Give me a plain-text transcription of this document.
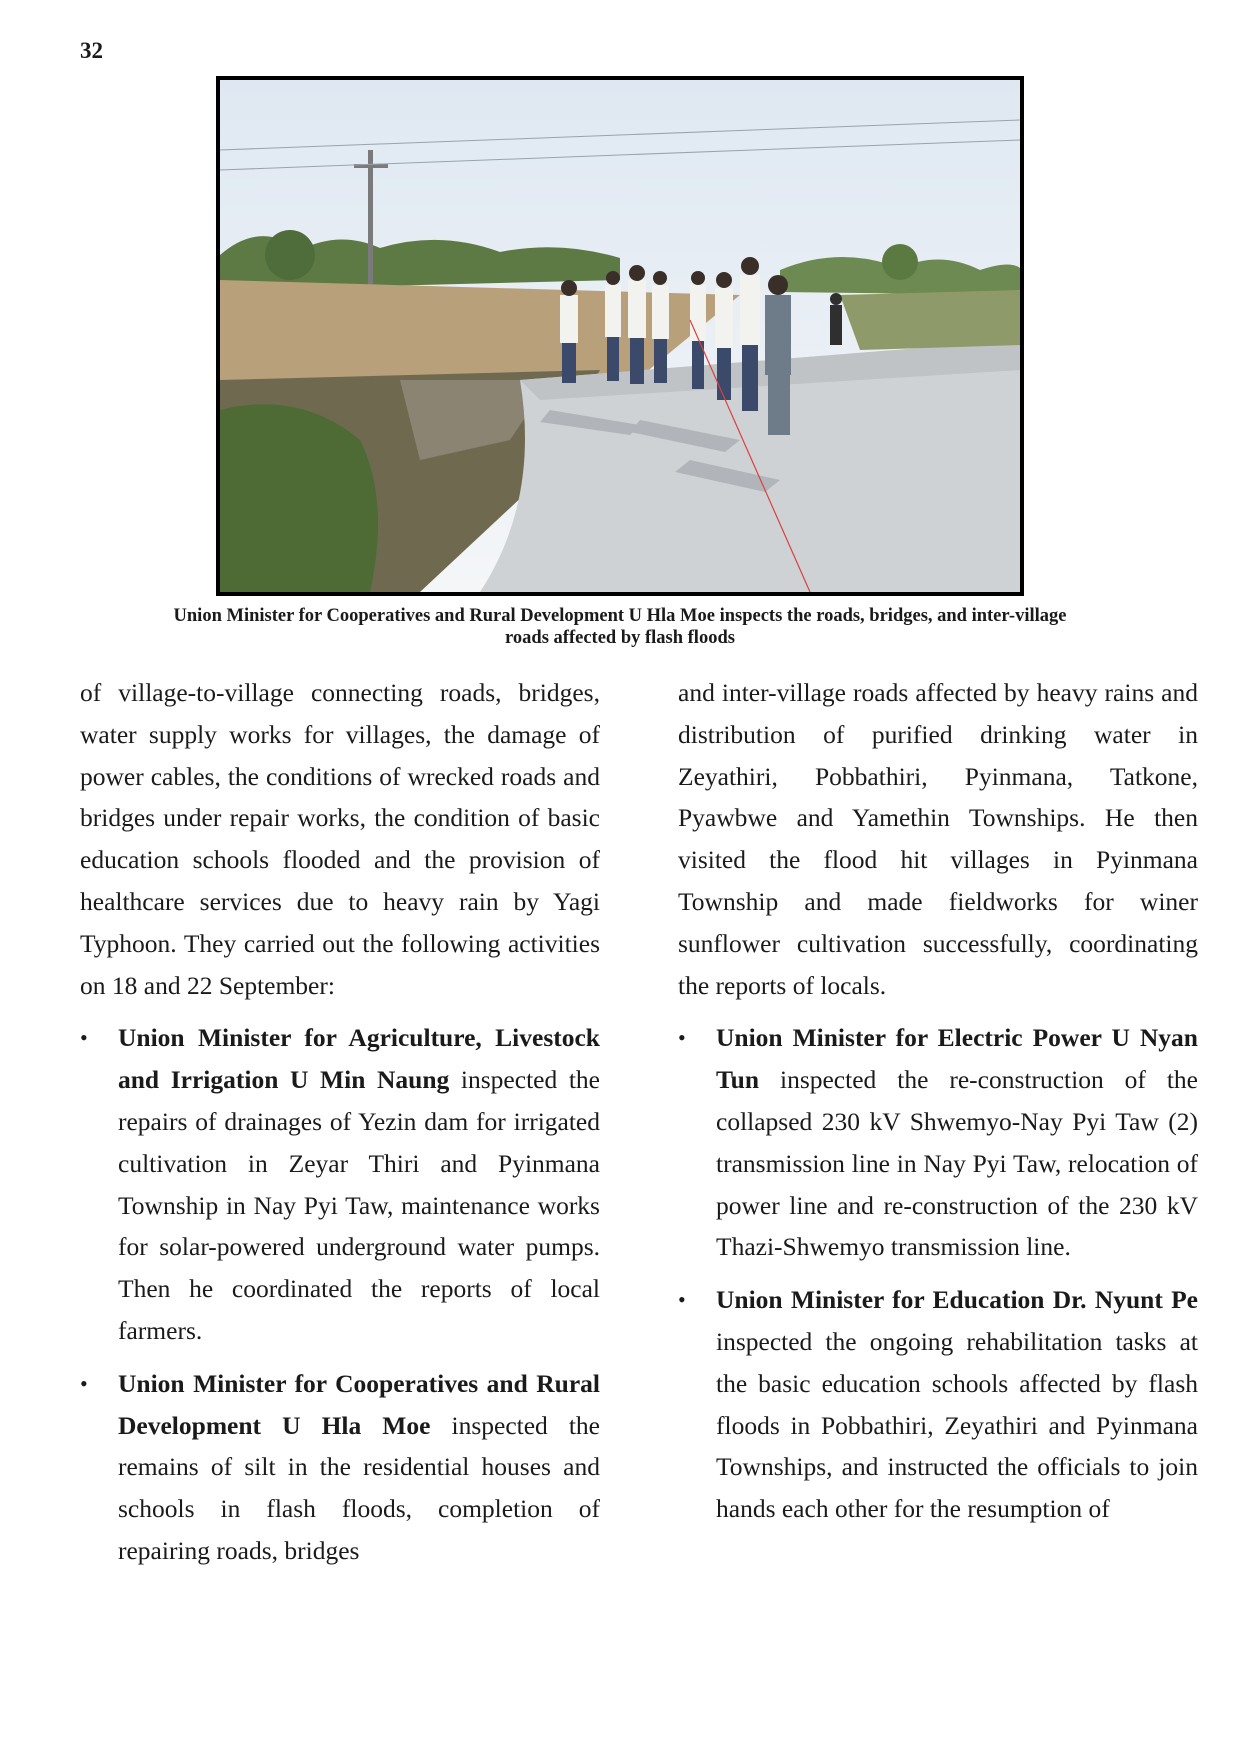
32
Union Minister for Cooperatives and Rural Development U Hla Moe inspects the roads, bridges, and inter-village roads affected by flash floods

of village-to-village connecting roads, bridges, water supply works for villages, the damage of power cables, the conditions of wrecked roads and bridges under repair works, the condition of basic education schools flooded and the provision of healthcare services due to heavy rain by Yagi Typhoon. They carried out the following activities on 18 and 22 September:

• Union Minister for Agriculture, Livestock and Irrigation U Min Naung inspected the repairs of drainages of Yezin dam for irrigated cultivation in Zeyar Thiri and Pyinmana Township in Nay Pyi Taw, maintenance works for solar-powered underground water pumps. Then he coordinated the reports of local farmers.
• Union Minister for Cooperatives and Rural Development U Hla Moe inspected the remains of silt in the residential houses and schools in flash floods, completion of repairing roads, bridges

and inter-village roads affected by heavy rains and distribution of purified drinking water in Zeyathiri, Pobbathiri, Pyinmana, Tatkone, Pyawbwe and Yamethin Townships. He then visited the flood hit villages in Pyinmana Township and made fieldworks for winer sunflower cultivation successfully, coordinating the reports of locals.

• Union Minister for Electric Power U Nyan Tun inspected the re-construction of the collapsed 230 kV Shwemyo-Nay Pyi Taw (2) transmission line in Nay Pyi Taw, relocation of power line and re-construction of the 230 kV Thazi-Shwemyo transmission line.
• Union Minister for Education Dr. Nyunt Pe inspected the ongoing rehabilitation tasks at the basic education schools affected by flash floods in Pobbathiri, Zeyathiri and Pyinmana Townships, and instructed the officials to join hands each other for the resumption of
